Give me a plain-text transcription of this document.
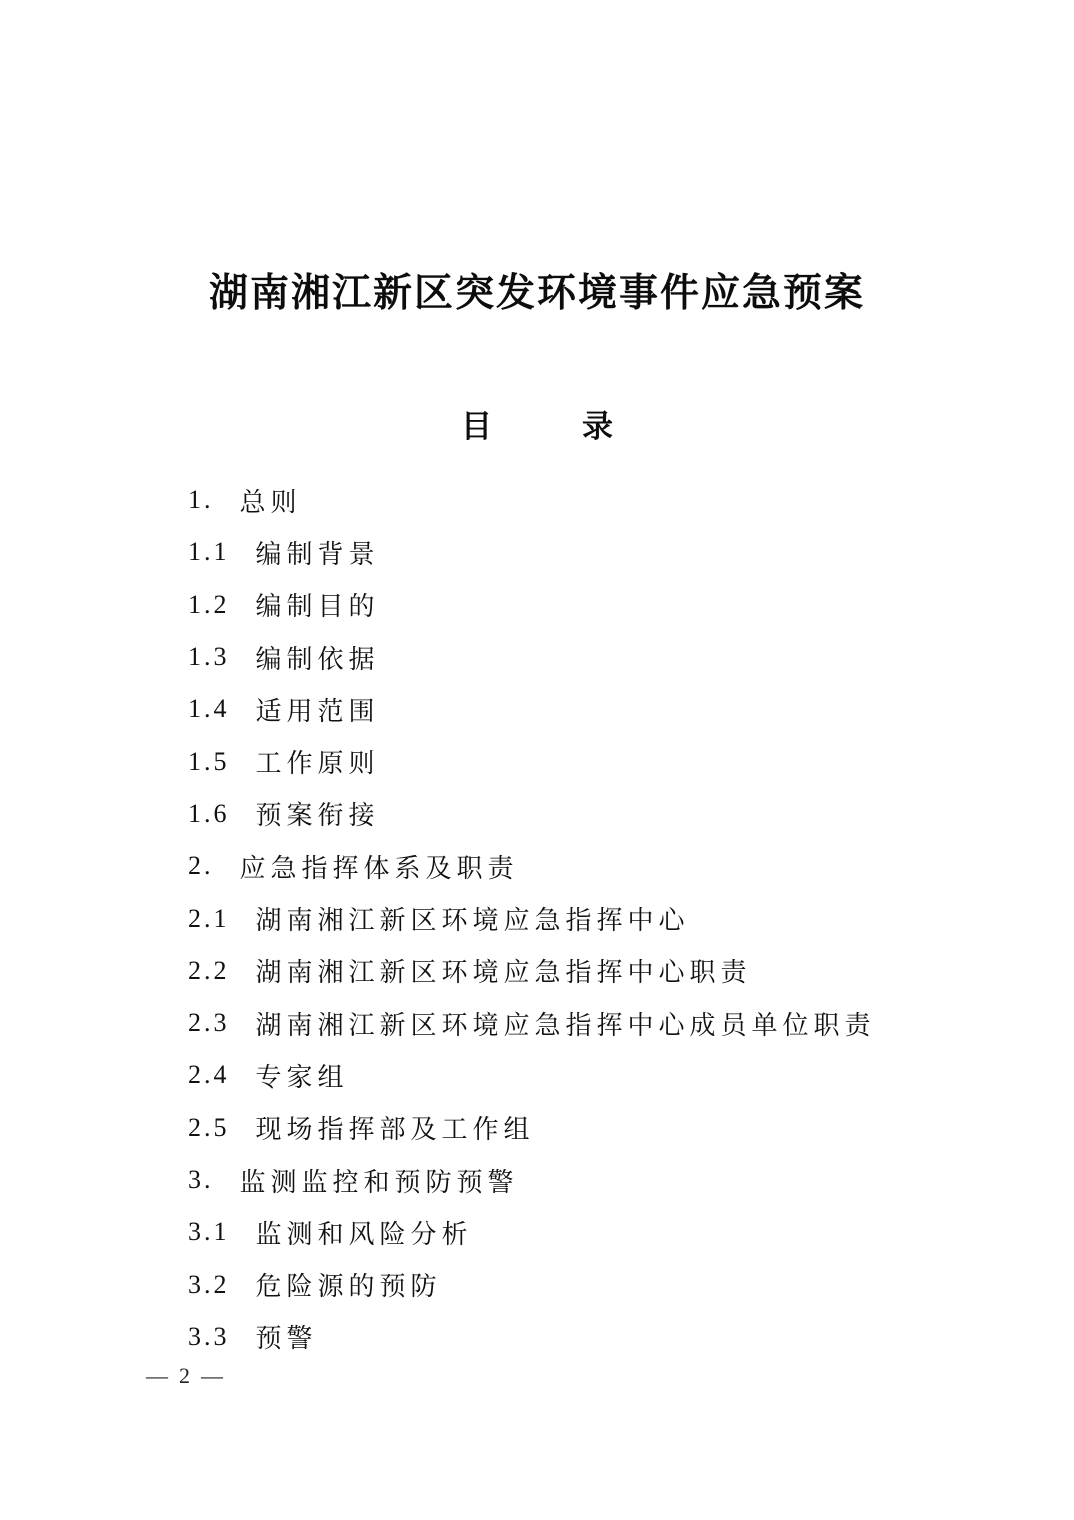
湖南湘江新区突发环境事件应急预案
目	录
1. 总则
1.1 编制背景
1.2 编制目的
1.3 编制依据
1.4 适用范围
1.5 工作原则
1.6 预案衔接
2. 应急指挥体系及职责
2.1 湖南湘江新区环境应急指挥中心
2.2 湖南湘江新区环境应急指挥中心职责
2.3 湖南湘江新区环境应急指挥中心成员单位职责
2.4 专家组
2.5 现场指挥部及工作组
3. 监测监控和预防预警
3.1 监测和风险分析
3.2 危险源的预防
3.3 预警
— 2 —
